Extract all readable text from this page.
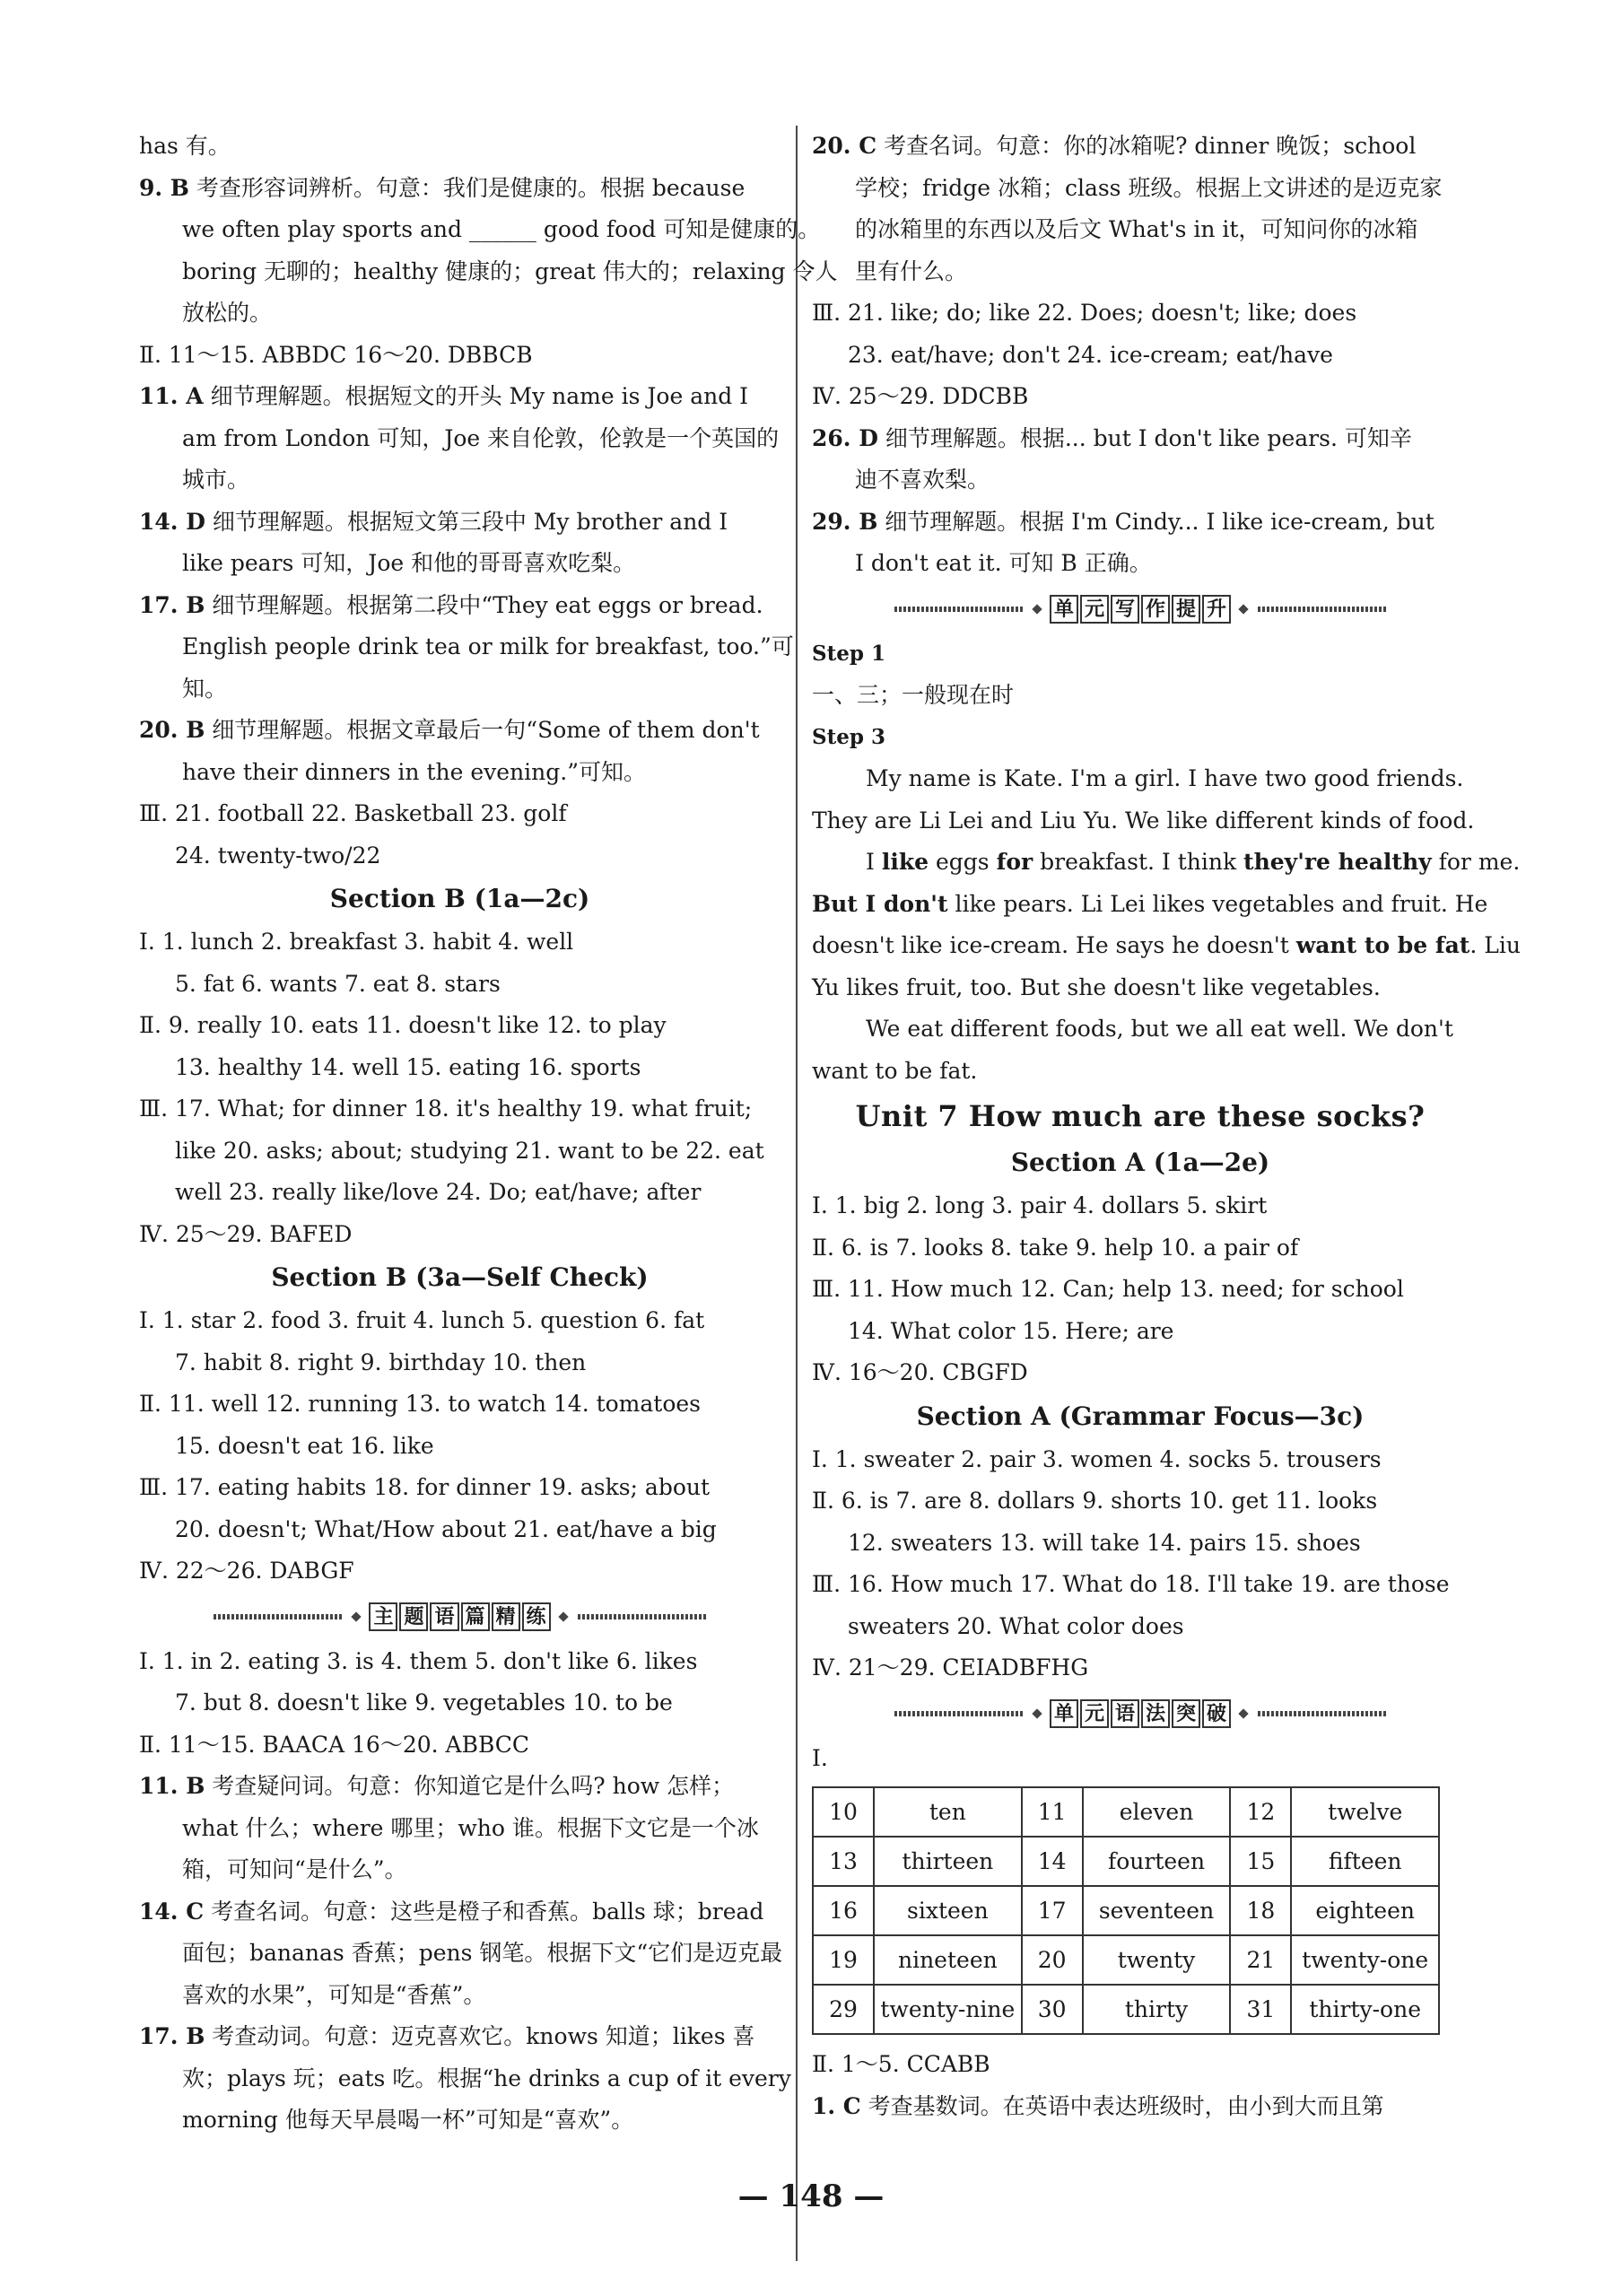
has 有。
9. B 考查形容词辨析。句意：我们是健康的。根据 because
we often play sports and ______ good food 可知是健康的。
boring 无聊的；healthy 健康的；great 伟大的；relaxing 令人
放松的。
Ⅱ. 11～15. ABBDC 16～20. DBBCB
11. A 细节理解题。根据短文的开头 My name is Joe and I
am from London 可知，Joe 来自伦敦，伦敦是一个英国的
城市。
14. D 细节理解题。根据短文第三段中 My brother and I
like pears 可知，Joe 和他的哥哥喜欢吃梨。
17. B 细节理解题。根据第二段中“They eat eggs or bread.
English people drink tea or milk for breakfast, too.”可
知。
20. B 细节理解题。根据文章最后一句“Some of them don't
have their dinners in the evening.”可知。
Ⅲ. 21. football 22. Basketball 23. golf
24. twenty-two/22
Section B (1a—2c)
Ⅰ. 1. lunch 2. breakfast 3. habit 4. well
5. fat 6. wants 7. eat 8. stars
Ⅱ. 9. really 10. eats 11. doesn't like 12. to play
13. healthy 14. well 15. eating 16. sports
Ⅲ. 17. What; for dinner 18. it's healthy 19. what fruit;
like 20. asks; about; studying 21. want to be 22. eat
well 23. really like/love 24. Do; eat/have; after
Ⅳ. 25～29. BAFED
Section B (3a—Self Check)
Ⅰ. 1. star 2. food 3. fruit 4. lunch 5. question 6. fat
7. habit 8. right 9. birthday 10. then
Ⅱ. 11. well 12. running 13. to watch 14. tomatoes
15. doesn't eat 16. like
Ⅲ. 17. eating habits 18. for dinner 19. asks; about
20. doesn't; What/How about 21. eat/have a big
Ⅳ. 22～26. DABGF
主 题 语 篇 精 练
Ⅰ. 1. in 2. eating 3. is 4. them 5. don't like 6. likes
7. but 8. doesn't like 9. vegetables 10. to be
Ⅱ. 11～15. BAACA 16～20. ABBCC
11. B 考查疑问词。句意：你知道它是什么吗? how 怎样；
what 什么；where 哪里；who 谁。根据下文它是一个冰
箱，可知问“是什么”。
14. C 考查名词。句意：这些是橙子和香蕉。balls 球；bread
面包；bananas 香蕉；pens 钢笔。根据下文“它们是迈克最
喜欢的水果”，可知是“香蕉”。
17. B 考查动词。句意：迈克喜欢它。knows 知道；likes 喜
欢；plays 玩；eats 吃。根据“he drinks a cup of it every
morning 他每天早晨喝一杯”可知是“喜欢”。
20. C 考查名词。句意：你的冰箱呢? dinner 晚饭；school
学校；fridge 冰箱；class 班级。根据上文讲述的是迈克家
的冰箱里的东西以及后文 What's in it，可知问你的冰箱
里有什么。
Ⅲ. 21. like; do; like 22. Does; doesn't; like; does
23. eat/have; don't 24. ice-cream; eat/have
Ⅳ. 25～29. DDCBB
26. D 细节理解题。根据... but I don't like pears. 可知辛
迪不喜欢梨。
29. B 细节理解题。根据 I'm Cindy... I like ice-cream, but
I don't eat it. 可知 B 正确。
单 元 写 作 提 升
Step 1
一、三；一般现在时
Step 3
My name is Kate. I'm a girl. I have two good friends.
They are Li Lei and Liu Yu. We like different kinds of food.
I like eggs for breakfast. I think they're healthy for me.
But I don't like pears. Li Lei likes vegetables and fruit. He
doesn't like ice-cream. He says he doesn't want to be fat. Liu
Yu likes fruit, too. But she doesn't like vegetables.
We eat different foods, but we all eat well. We don't
want to be fat.
Unit 7 How much are these socks?
Section A (1a—2e)
Ⅰ. 1. big 2. long 3. pair 4. dollars 5. skirt
Ⅱ. 6. is 7. looks 8. take 9. help 10. a pair of
Ⅲ. 11. How much 12. Can; help 13. need; for school
14. What color 15. Here; are
Ⅳ. 16～20. CBGFD
Section A (Grammar Focus—3c)
Ⅰ. 1. sweater 2. pair 3. women 4. socks 5. trousers
Ⅱ. 6. is 7. are 8. dollars 9. shorts 10. get 11. looks
12. sweaters 13. will take 14. pairs 15. shoes
Ⅲ. 16. How much 17. What do 18. I'll take 19. are those
sweaters 20. What color does
Ⅳ. 21～29. CEIADBFHG
单 元 语 法 突 破
Ⅰ.
10	ten	11	eleven	12	twelve
13	thirteen	14	fourteen	15	fifteen
16	sixteen	17	seventeen	18	eighteen
19	nineteen	20	twenty	21	twenty-one
29	twenty-nine	30	thirty	31	thirty-one
Ⅱ. 1～5. CCABB
1. C 考查基数词。在英语中表达班级时，由小到大而且第
— 148 —
